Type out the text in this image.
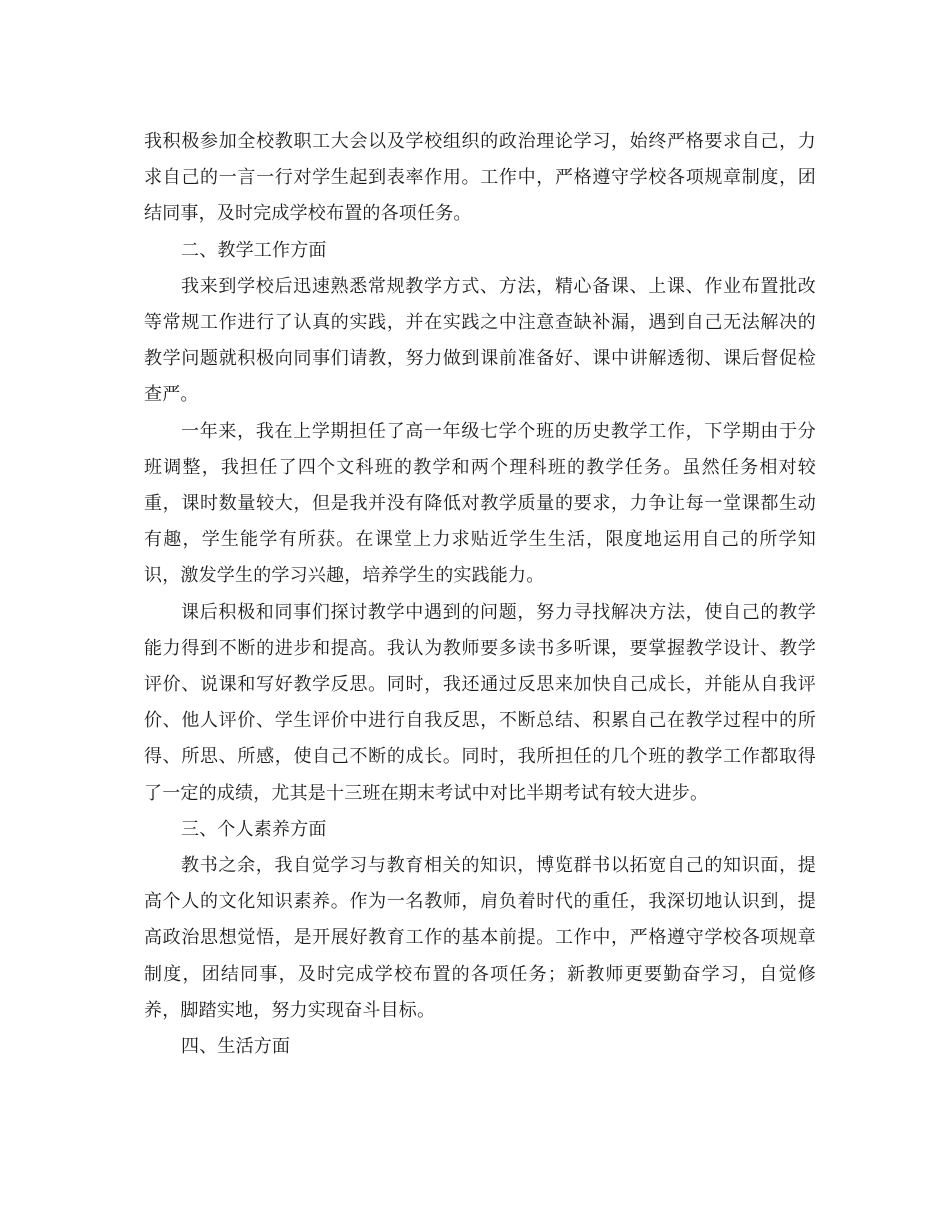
我积极参加全校教职工大会以及学校组织的政治理论学习，始终严格要求自己，力求自己的一言一行对学生起到表率作用。工作中，严格遵守学校各项规章制度，团结同事，及时完成学校布置的各项任务。

二、教学工作方面

我来到学校后迅速熟悉常规教学方式、方法，精心备课、上课、作业布置批改等常规工作进行了认真的实践，并在实践之中注意查缺补漏，遇到自己无法解决的教学问题就积极向同事们请教，努力做到课前准备好、课中讲解透彻、课后督促检查严。

一年来，我在上学期担任了高一年级七学个班的历史教学工作，下学期由于分班调整，我担任了四个文科班的教学和两个理科班的教学任务。虽然任务相对较重，课时数量较大，但是我并没有降低对教学质量的要求，力争让每一堂课都生动有趣，学生能学有所获。在课堂上力求贴近学生生活，限度地运用自己的所学知识，激发学生的学习兴趣，培养学生的实践能力。

课后积极和同事们探讨教学中遇到的问题，努力寻找解决方法，使自己的教学能力得到不断的进步和提高。我认为教师要多读书多听课，要掌握教学设计、教学评价、说课和写好教学反思。同时，我还通过反思来加快自己成长，并能从自我评价、他人评价、学生评价中进行自我反思，不断总结、积累自己在教学过程中的所得、所思、所感，使自己不断的成长。同时，我所担任的几个班的教学工作都取得了一定的成绩，尤其是十三班在期末考试中对比半期考试有较大进步。

三、个人素养方面

教书之余，我自觉学习与教育相关的知识，博览群书以拓宽自己的知识面，提高个人的文化知识素养。作为一名教师，肩负着时代的重任，我深切地认识到，提高政治思想觉悟，是开展好教育工作的基本前提。工作中，严格遵守学校各项规章制度，团结同事，及时完成学校布置的各项任务；新教师更要勤奋学习，自觉修养，脚踏实地，努力实现奋斗目标。

四、生活方面
